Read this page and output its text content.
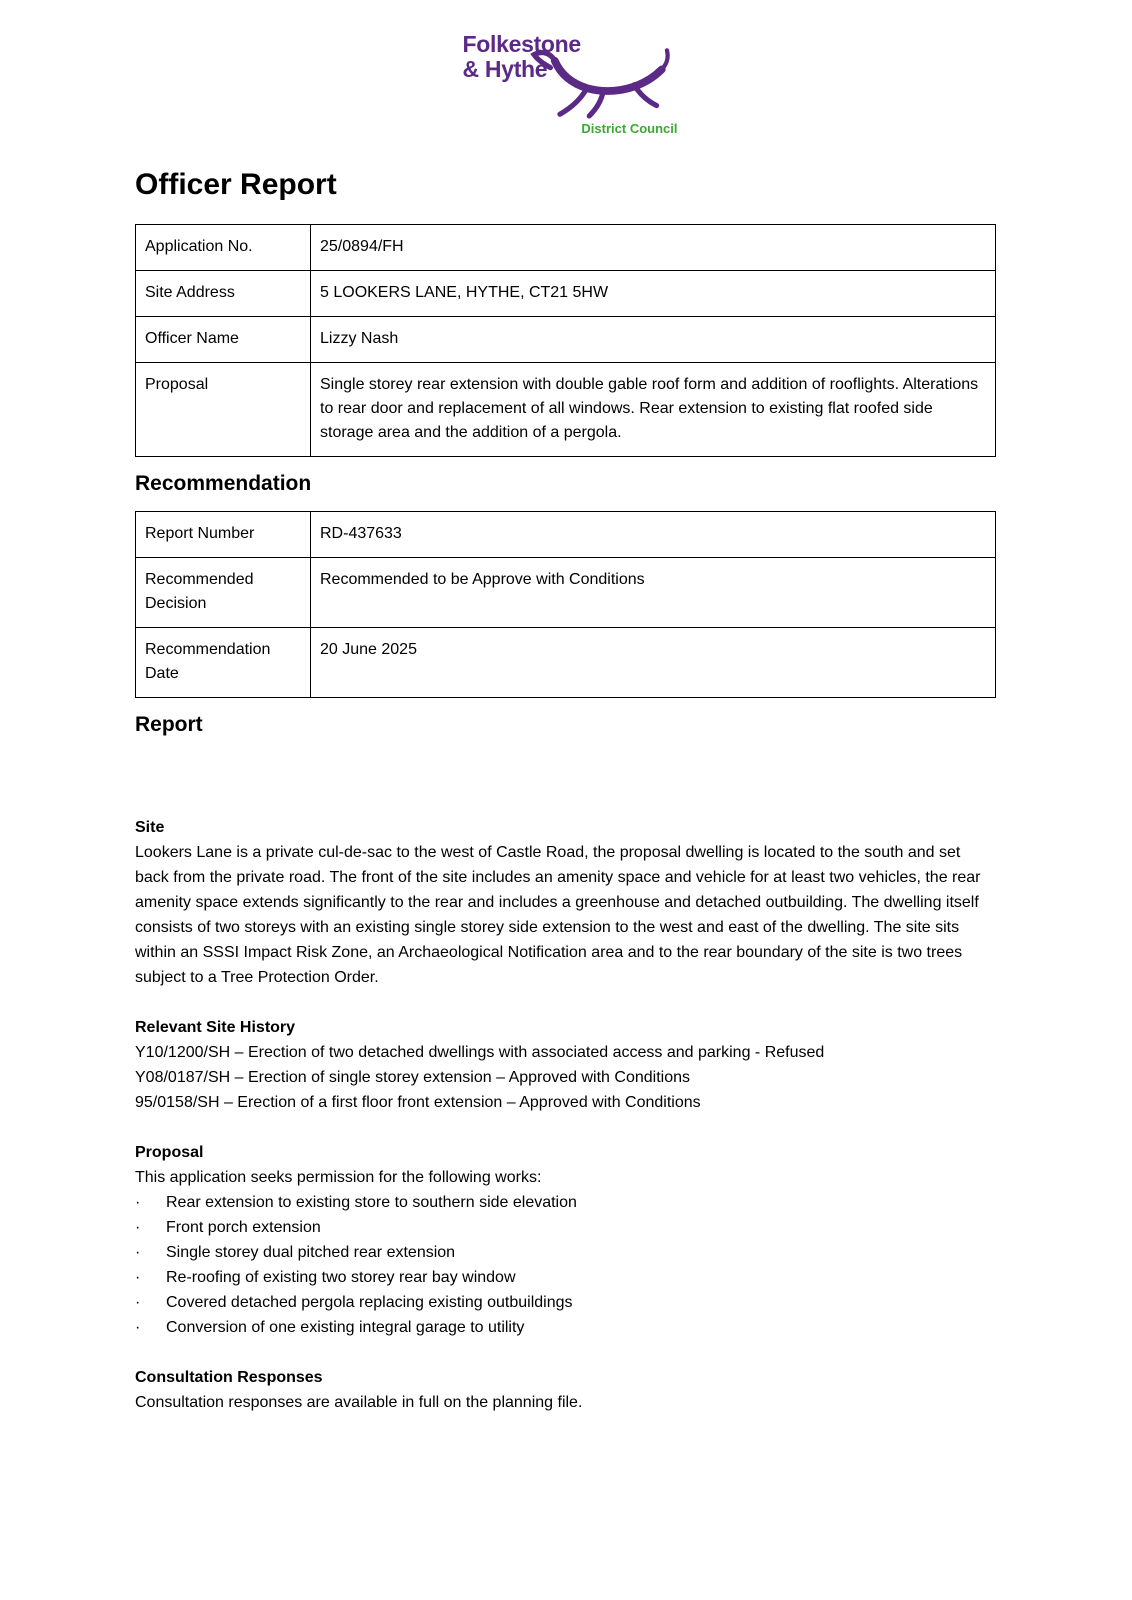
Folkestone
& Hythe
District Council
Officer Report
Application No.	25/0894/FH
Site Address	5 LOOKERS LANE, HYTHE, CT21 5HW
Officer Name	Lizzy Nash
Proposal	Single storey rear extension with double gable roof form and addition of rooflights. Alterations to rear door and replacement of all windows. Rear extension to existing flat roofed side storage area and the addition of a pergola.
Recommendation
Report Number	RD-437633
Recommended Decision	Recommended to be Approve with Conditions
Recommendation Date	20 June 2025
Report
Site
Lookers Lane is a private cul-de-sac to the west of Castle Road, the proposal dwelling is located to the south and set back from the private road. The front of the site includes an amenity space and vehicle for at least two vehicles, the rear amenity space extends significantly to the rear and includes a greenhouse and detached outbuilding. The dwelling itself consists of two storeys with an existing single storey side extension to the west and east of the dwelling. The site sits within an SSSI Impact Risk Zone, an Archaeological Notification area and to the rear boundary of the site is two trees subject to a Tree Protection Order.
Relevant Site History
Y10/1200/SH – Erection of two detached dwellings with associated access and parking - Refused
Y08/0187/SH – Erection of single storey extension – Approved with Conditions
95/0158/SH – Erection of a first floor front extension – Approved with Conditions
Proposal
This application seeks permission for the following works:
·	Rear extension to existing store to southern side elevation
·	Front porch extension
·	Single storey dual pitched rear extension
·	Re-roofing of existing two storey rear bay window
·	Covered detached pergola replacing existing outbuildings
·	Conversion of one existing integral garage to utility
Consultation Responses
Consultation responses are available in full on the planning file.
